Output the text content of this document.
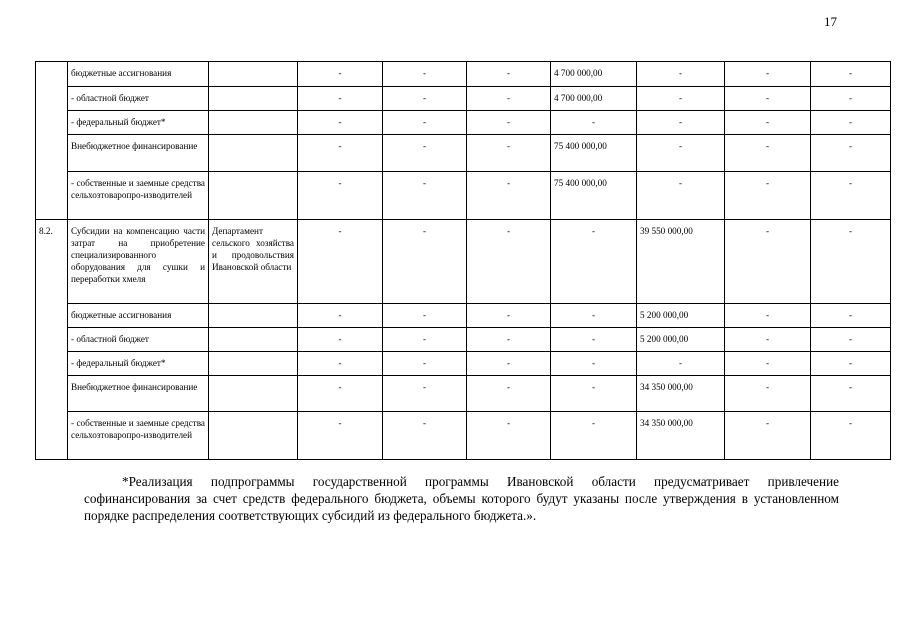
17
	бюджетные ассигнования		-	-	-	4 700 000,00	-	-	-
	- областной бюджет		-	-	-	4 700 000,00	-	-	-
	- федеральный бюджет*		-	-	-	-	-	-	-
	Внебюджетное финансирование		-	-	-	75 400 000,00	-	-	-
	- собственные и заемные средства сельхозтоваропро-изводителей		-	-	-	75 400 000,00	-	-	-
8.2.	Субсидии на компенсацию части затрат на приобретение специализированного оборудования для сушки и переработки хмеля	Департамент сельского хозяйства и продовольствия Ивановской области	-	-	-	-	39 550 000,00	-	-
	бюджетные ассигнования		-	-	-	-	5 200 000,00	-	-
	- областной бюджет		-	-	-	-	5 200 000,00	-	-
	- федеральный бюджет*		-	-	-	-	-	-	-
	Внебюджетное финансирование		-	-	-	-	34 350 000,00	-	-
	- собственные и заемные средства сельхозтоваропро-изводителей		-	-	-	-	34 350 000,00	-	-

*Реализация подпрограммы государственной программы Ивановской области предусматривает привлечение софинансирования за счет средств федерального бюджета, объемы которого будут указаны после утверждения в установленном порядке распределения соответствующих субсидий из федерального бюджета.».
